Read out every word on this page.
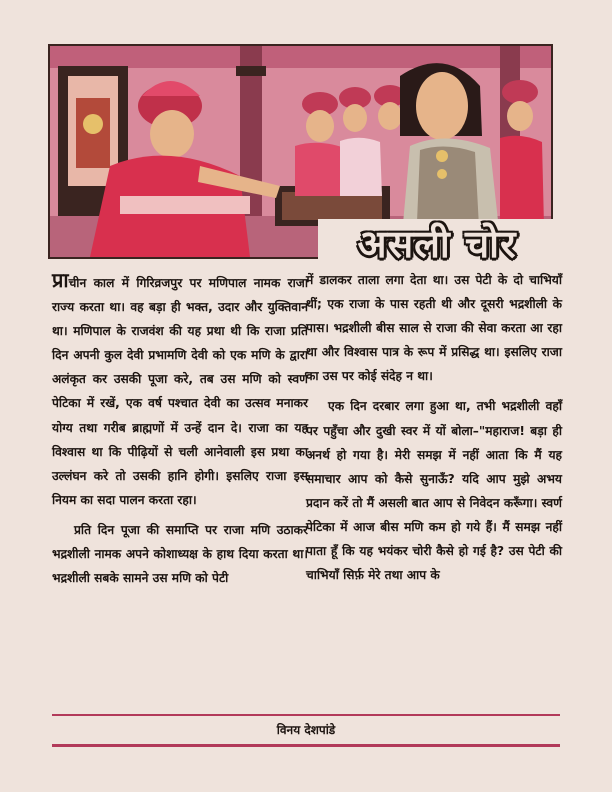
असली चोर

प्राचीन काल में गिरिव्रजपुर पर मणिपाल नामक राजा राज्य करता था। वह बड़ा ही भक्त, उदार और युक्तिवान था। मणिपाल के राजवंश की यह प्रथा थी कि राजा प्रति दिन अपनी कुल देवी प्रभामणि देवी को एक मणि के द्वारा अलंकृत कर उसकी पूजा करे, तब उस मणि को स्वर्ण पेटिका में रखें, एक वर्ष पश्चात देवी का उत्सव मनाकर योग्य तथा गरीब ब्राह्मणों में उन्हें दान दे। राजा का यह विश्वास था कि पीढ़ियों से चली आनेवाली इस प्रथा का उल्लंघन करे तो उसकी हानि होगी। इसलिए राजा इस नियम का सदा पालन करता रहा।

प्रति दिन पूजा की समाप्ति पर राजा मणि उठाकर भद्रशीली नामक अपने कोशाध्यक्ष के हाथ दिया करता था। भद्रशीली सबके सामने उस मणि को पेटी

में डालकर ताला लगा देता था। उस पेटी के दो चाभियाँ थीं; एक राजा के पास रहती थी और दूसरी भद्रशीली के पास। भद्रशीली बीस साल से राजा की सेवा करता आ रहा था और विश्वास पात्र के रूप में प्रसिद्ध था। इसलिए राजा का उस पर कोई संदेह न था।

एक दिन दरबार लगा हुआ था, तभी भद्रशीली वहाँ पर पहुँचा और दुखी स्वर में यों बोला–"महाराज! बड़ा ही अनर्थ हो गया है। मेरी समझ में नहीं आता कि मैं यह समाचार आप को कैसे सुनाऊँ? यदि आप मुझे अभय प्रदान करें तो मैं असली बात आप से निवेदन करूँगा। स्वर्ण पेटिका में आज बीस मणि कम हो गये हैं। मैं समझ नहीं पाता हूँ कि यह भयंकर चोरी कैसे हो गई है? उस पेटी की चाभियाँ सिर्फ़ मेरे तथा आप के

विनय देशपांडे
